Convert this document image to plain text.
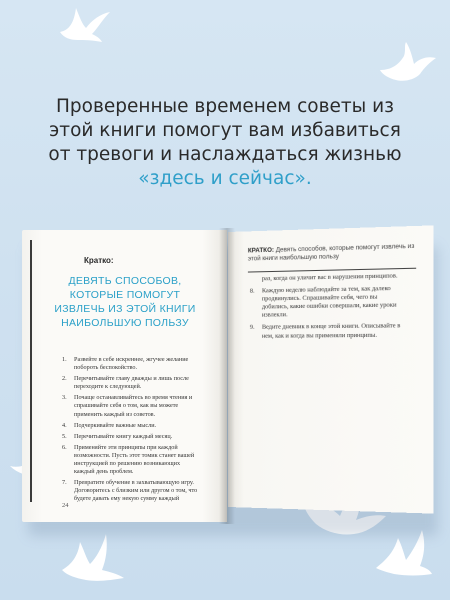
Проверенные временем советы из
этой книги помогут вам избавиться
от тревоги и наслаждаться жизнью
«здесь и сейчас».
Кратко:
ДЕВЯТЬ СПОСОБОВ,
КОТОРЫЕ ПОМОГУТ
ИЗВЛЕЧЬ ИЗ ЭТОЙ КНИГИ
НАИБОЛЬШУЮ ПОЛЬЗУ
1. Развейте в себе искреннее, жгучее желание побороть беспокойство.
2. Перечитывайте главу дважды и лишь после переходите к следующей.
3. Почаще останавливайтесь во время чтения и спрашивайте себя о том, как вы можете применить каждый из советов.
4. Подчеркивайте важные мысли.
5. Перечитывайте книгу каждый месяц.
6. Применяйте эти принципы при каждой возможности. Пусть этот томик станет вашей инструкцией по решению возникающих каждый день проблем.
7. Превратите обучение в захватывающую игру. Договоритесь с близким или другом о том, что будете давать ему некую сумму каждый
24
КРАТКО: Девять способов, которые помогут извлечь из этой книги наибольшую пользу
раз, когда он уличит вас в нарушении принципов.
8. Каждую неделю наблюдайте за тем, как далеко продвинулись. Спрашивайте себя, чего вы добились, какие ошибки совершали, какие уроки извлекли.
9. Ведите дневник в конце этой книги. Описывайте в нем, как и когда вы применяли принципы.
